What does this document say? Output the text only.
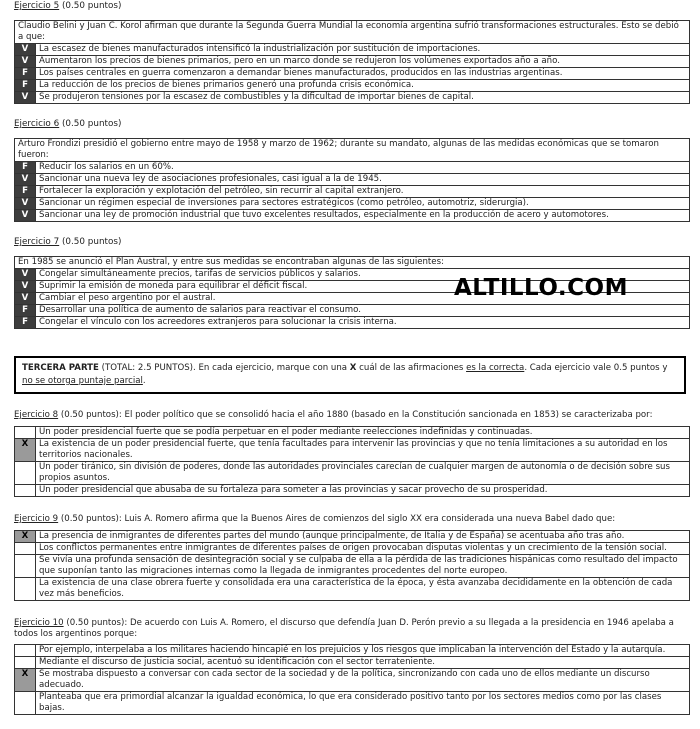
Ejercicio 5 (0.50 puntos)
Claudio Belini y Juan C. Korol afirman que durante la Segunda Guerra Mundial la economía argentina sufrió transformaciones estructurales. Esto se debió a que:	
V	La escasez de bienes manufacturados intensificó la industrialización por sustitución de importaciones.
V	Aumentaron los precios de bienes primarios, pero en un marco donde se redujeron los volúmenes exportados año a año.
F	Los países centrales en guerra comenzaron a demandar bienes manufacturados, producidos en las industrias argentinas.
F	La reducción de los precios de bienes primarios generó una profunda crisis económica.
V	Se produjeron tensiones por la escasez de combustibles y la dificultad de importar bienes de capital.
Ejercicio 6 (0.50 puntos)
Arturo Frondizi presidió el gobierno entre mayo de 1958 y marzo de 1962; durante su mandato, algunas de las medidas económicas que se tomaron fueron:	
F	Reducir los salarios en un 60%.
V	Sancionar una nueva ley de asociaciones profesionales, casi igual a la de 1945.
F	Fortalecer la exploración y explotación del petróleo, sin recurrir al capital extranjero.
V	Sancionar un régimen especial de inversiones para sectores estratégicos (como petróleo, automotriz, siderurgia).
V	Sancionar una ley de promoción industrial que tuvo excelentes resultados, especialmente en la producción de acero y automotores.
Ejercicio 7 (0.50 puntos)
En 1985 se anunció el Plan Austral, y entre sus medidas se encontraban algunas de las siguientes:	
V	Congelar simultáneamente precios, tarifas de servicios públicos y salarios.
V	Suprimir la emisión de moneda para equilibrar el déficit fiscal.
V	Cambiar el peso argentino por el austral.
F	Desarrollar una política de aumento de salarios para reactivar el consumo.
F	Congelar el vínculo con los acreedores extranjeros para solucionar la crisis interna.
ALTILLO.COM
TERCERA PARTE (TOTAL: 2.5 PUNTOS). En cada ejercicio, marque con una X cuál de las afirmaciones es la correcta. Cada ejercicio vale 0.5 puntos y no se otorga puntaje parcial.
Ejercicio 8 (0.50 puntos): El poder político que se consolidó hacia el año 1880 (basado en la Constitución sancionada en 1853) se caracterizaba por:
	Un poder presidencial fuerte que se podía perpetuar en el poder mediante reelecciones indefinidas y continuadas.
X	La existencia de un poder presidencial fuerte, que tenía facultades para intervenir las provincias y que no tenía limitaciones a su autoridad en los territorios nacionales.
	Un poder tiránico, sin división de poderes, donde las autoridades provinciales carecían de cualquier margen de autonomía o de decisión sobre sus propios asuntos.
	Un poder presidencial que abusaba de su fortaleza para someter a las provincias y sacar provecho de su prosperidad.
Ejercicio 9 (0.50 puntos): Luis A. Romero afirma que la Buenos Aires de comienzos del siglo XX era considerada una nueva Babel dado que:
X	La presencia de inmigrantes de diferentes partes del mundo (aunque principalmente, de Italia y de España) se acentuaba año tras año.
	Los conflictos permanentes entre inmigrantes de diferentes países de origen provocaban disputas violentas y un crecimiento de la tensión social.
	Se vivía una profunda sensación de desintegración social y se culpaba de ella a la pérdida de las tradiciones hispánicas como resultado del impacto que suponían tanto las migraciones internas como la llegada de inmigrantes procedentes del norte europeo.
	La existencia de una clase obrera fuerte y consolidada era una característica de la época, y ésta avanzaba decididamente en la obtención de cada vez más beneficios.
Ejercicio 10 (0.50 puntos): De acuerdo con Luis A. Romero, el discurso que defendía Juan D. Perón previo a su llegada a la presidencia en 1946 apelaba a todos los argentinos porque:
	Por ejemplo, interpelaba a los militares haciendo hincapié en los prejuicios y los riesgos que implicaban la intervención del Estado y la autarquía.
	Mediante el discurso de justicia social, acentuó su identificación con el sector terrateniente.
X	Se mostraba dispuesto a conversar con cada sector de la sociedad y de la política, sincronizando con cada uno de ellos mediante un discurso adecuado.
	Planteaba que era primordial alcanzar la igualdad económica, lo que era considerado positivo tanto por los sectores medios como por las clases bajas.
